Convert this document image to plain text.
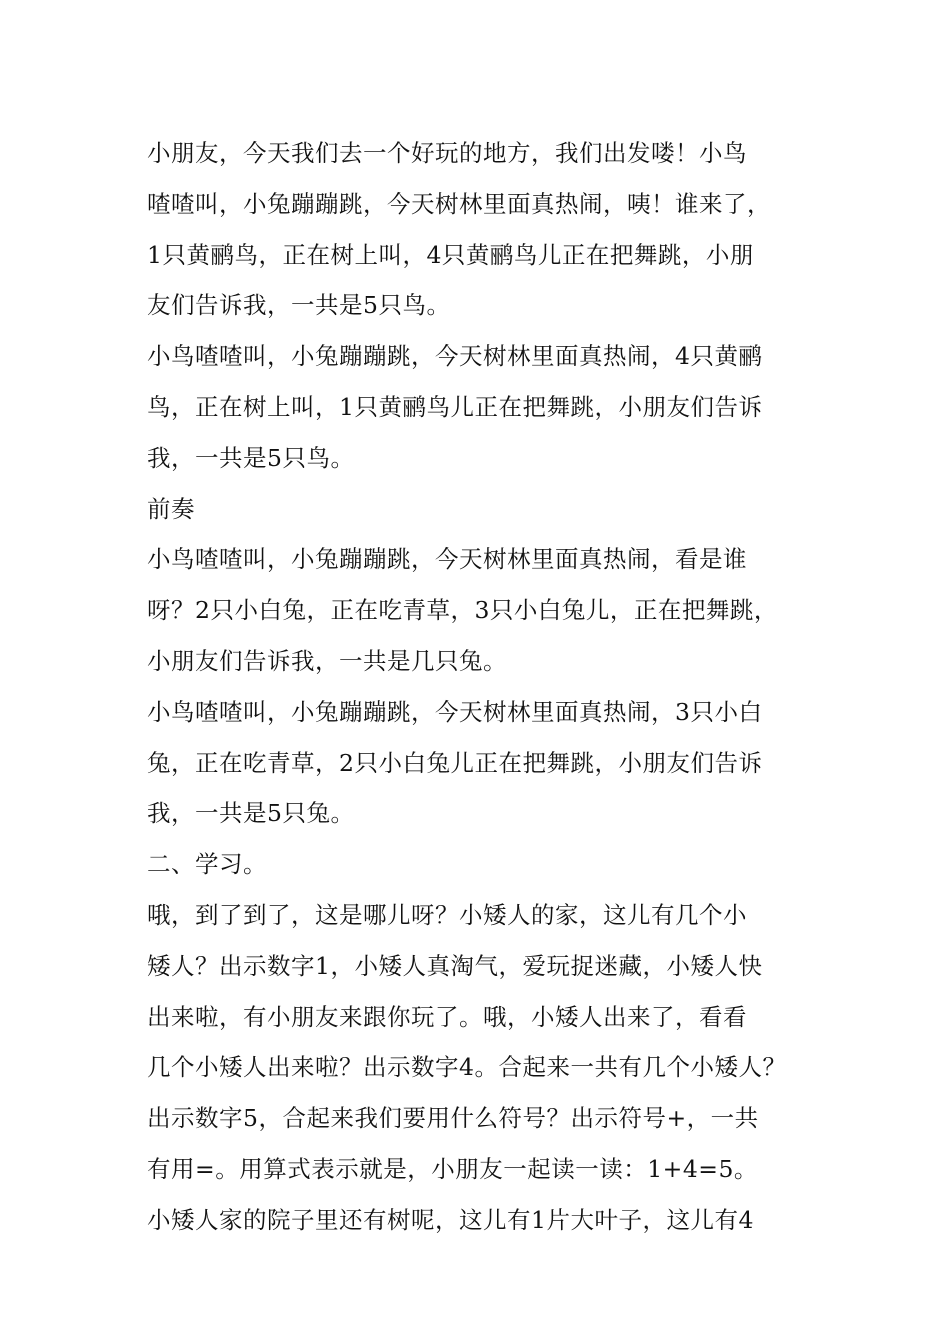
小朋友，今天我们去一个好玩的地方，我们出发喽！小鸟
喳喳叫，小兔蹦蹦跳，今天树林里面真热闹，咦！谁来了，
1只黄鹂鸟，正在树上叫，4只黄鹂鸟儿正在把舞跳，小朋
友们告诉我，一共是5只鸟。
小鸟喳喳叫，小兔蹦蹦跳，今天树林里面真热闹，4只黄鹂
鸟，正在树上叫，1只黄鹂鸟儿正在把舞跳，小朋友们告诉
我，一共是5只鸟。
前奏
小鸟喳喳叫，小兔蹦蹦跳，今天树林里面真热闹，看是谁
呀？2只小白兔，正在吃青草，3只小白兔儿，正在把舞跳，
小朋友们告诉我，一共是几只兔。
小鸟喳喳叫，小兔蹦蹦跳，今天树林里面真热闹，3只小白
兔，正在吃青草，2只小白兔儿正在把舞跳，小朋友们告诉
我，一共是5只兔。
二、学习。
哦，到了到了，这是哪儿呀？小矮人的家，这儿有几个小
矮人？出示数字1，小矮人真淘气，爱玩捉迷藏，小矮人快
出来啦，有小朋友来跟你玩了。哦，小矮人出来了，看看
几个小矮人出来啦？出示数字4。合起来一共有几个小矮人？
出示数字5，合起来我们要用什么符号？出示符号+，一共
有用=。用算式表示就是，小朋友一起读一读：1+4=5。
小矮人家的院子里还有树呢，这儿有1片大叶子，这儿有4
